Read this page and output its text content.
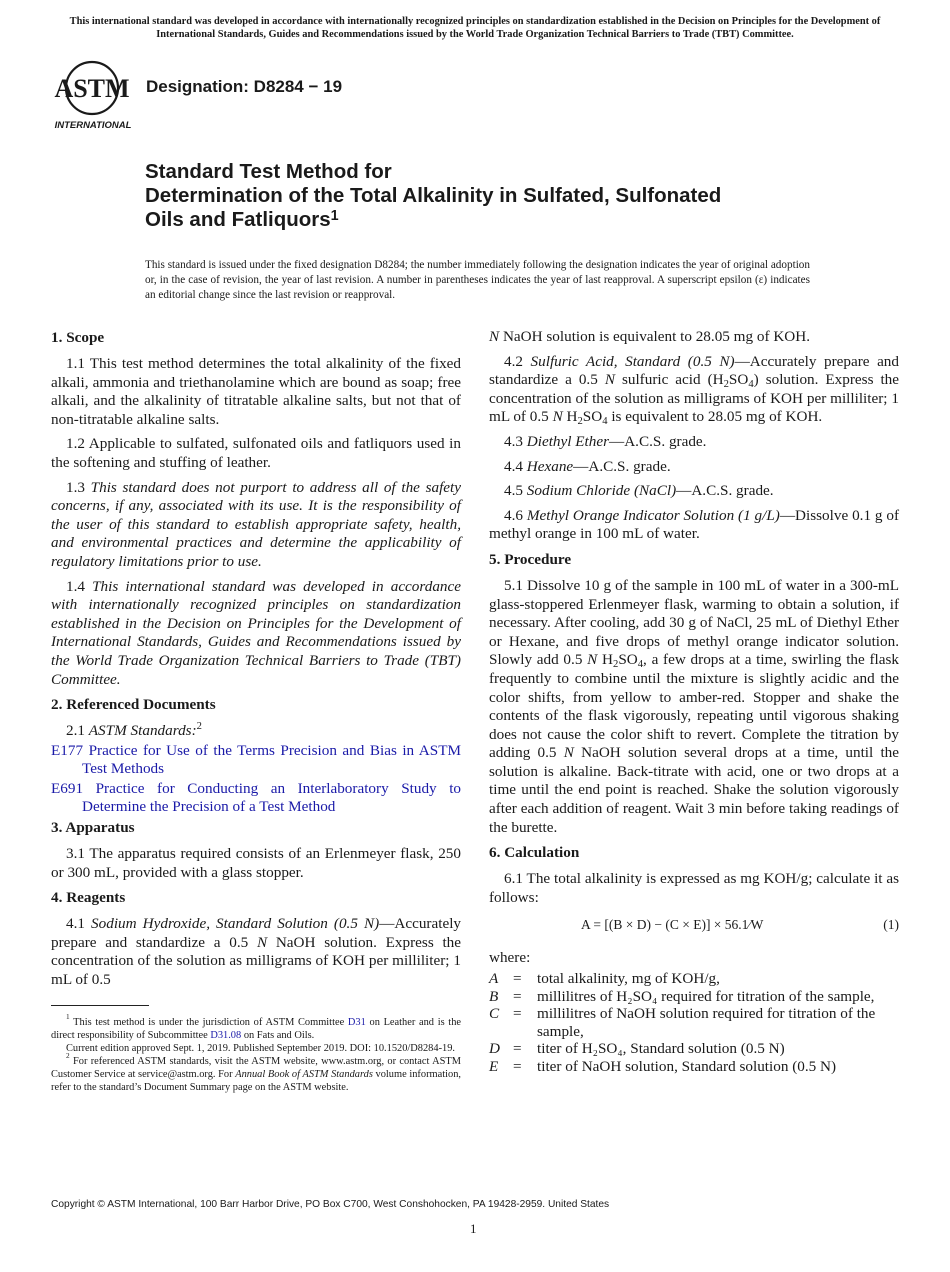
This international standard was developed in accordance with internationally recognized principles on standardization established in the Decision on Principles for the Development of International Standards, Guides and Recommendations issued by the World Trade Organization Technical Barriers to Trade (TBT) Committee.
ASTM
INTERNATIONAL
Designation: D8284 − 19
Standard Test Method for
Determination of the Total Alkalinity in Sulfated, Sulfonated
Oils and Fatliquors$^1$
This standard is issued under the fixed designation D8284; the number immediately following the designation indicates the year of original adoption or, in the case of revision, the year of last revision. A number in parentheses indicates the year of last reapproval. A superscript epsilon (ε) indicates an editorial change since the last revision or reapproval.
1. Scope

1.1 This test method determines the total alkalinity of the fixed alkali, ammonia and triethanolamine which are bound as soap; free alkali, and the alkalinity of titratable alkaline salts, but not that of non-titratable alkaline salts.

1.2 Applicable to sulfated, sulfonated oils and fatliquors used in the softening and stuffing of leather.

1.3 This standard does not purport to address all of the safety concerns, if any, associated with its use. It is the responsibility of the user of this standard to establish appropriate safety, health, and environmental practices and determine the applicability of regulatory limitations prior to use.

1.4 This international standard was developed in accordance with internationally recognized principles on standardization established in the Decision on Principles for the Development of International Standards, Guides and Recommendations issued by the World Trade Organization Technical Barriers to Trade (TBT) Committee.

2. Referenced Documents

2.1 ASTM Standards:$^2$

E177 Practice for Use of the Terms Precision and Bias in ASTM Test Methods
E691 Practice for Conducting an Interlaboratory Study to Determine the Precision of a Test Method
3. Apparatus

3.1 The apparatus required consists of an Erlenmeyer flask, 250 or 300 mL, provided with a glass stopper.

4. Reagents

4.1 Sodium Hydroxide, Standard Solution (0.5 N)—Accurately prepare and standardize a 0.5 N NaOH solution. Express the concentration of the solution as milligrams of KOH per milliliter; 1 mL of 0.5

N NaOH solution is equivalent to 28.05 mg of KOH.

4.2 Sulfuric Acid, Standard (0.5 N)—Accurately prepare and standardize a 0.5 N sulfuric acid $(H_2SO_4)$ solution. Express the concentration of the solution as milligrams of KOH per milliliter; 1 mL of 0.5 N $H_2SO_4$ is equivalent to 28.05 mg of KOH.

4.3 Diethyl Ether—A.C.S. grade.

4.4 Hexane—A.C.S. grade.

4.5 Sodium Chloride (NaCl)—A.C.S. grade.

4.6 Methyl Orange Indicator Solution (1 g/L)—Dissolve 0.1 g of methyl orange in 100 mL of water.

5. Procedure

5.1 Dissolve 10 g of the sample in 100 mL of water in a 300-mL glass-stoppered Erlenmeyer flask, warming to obtain a solution, if necessary. After cooling, add 30 g of NaCl, 25 mL of Diethyl Ether or Hexane, and five drops of methyl orange indicator solution. Slowly add 0.5 N $H_2SO_4$, a few drops at a time, swirling the flask frequently to combine until the mixture is slightly acidic and the color shifts, from yellow to amber-red. Stopper and shake the contents of the flask vigorously, repeating until vigorous shaking does not cause the color shift to revert. Complete the titration by adding 0.5 N NaOH solution several drops at a time, until the solution is alkaline. Back-titrate with acid, one or two drops at a time until the end point is reached. Shake the solution vigorously after each addition of reagent. Wait 3 min before taking readings of the burette.

6. Calculation

6.1 The total alkalinity is expressed as mg KOH/g; calculate it as follows:

A = [(B × D) − (C × E)] × 56.1⁄W	(1)

where:

A = total alkalinity, mg of KOH/g,
B = millilitres of H₂SO₄ required for titration of the sample,
C = millilitres of NaOH solution required for titration of the sample,
D = titer of H₂SO₄, Standard solution (0.5 N)
E = titer of NaOH solution, Standard solution (0.5 N)

$^1$ This test method is under the jurisdiction of ASTM Committee D31 on Leather and is the direct responsibility of Subcommittee D31.08 on Fats and Oils.

Current edition approved Sept. 1, 2019. Published September 2019. DOI: 10.1520/D8284-19.

$^2$ For referenced ASTM standards, visit the ASTM website, www.astm.org, or contact ASTM Customer Service at service@astm.org. For Annual Book of ASTM Standards volume information, refer to the standard’s Document Summary page on the ASTM website.

Copyright © ASTM International, 100 Barr Harbor Drive, PO Box C700, West Conshohocken, PA 19428-2959. United States
1
